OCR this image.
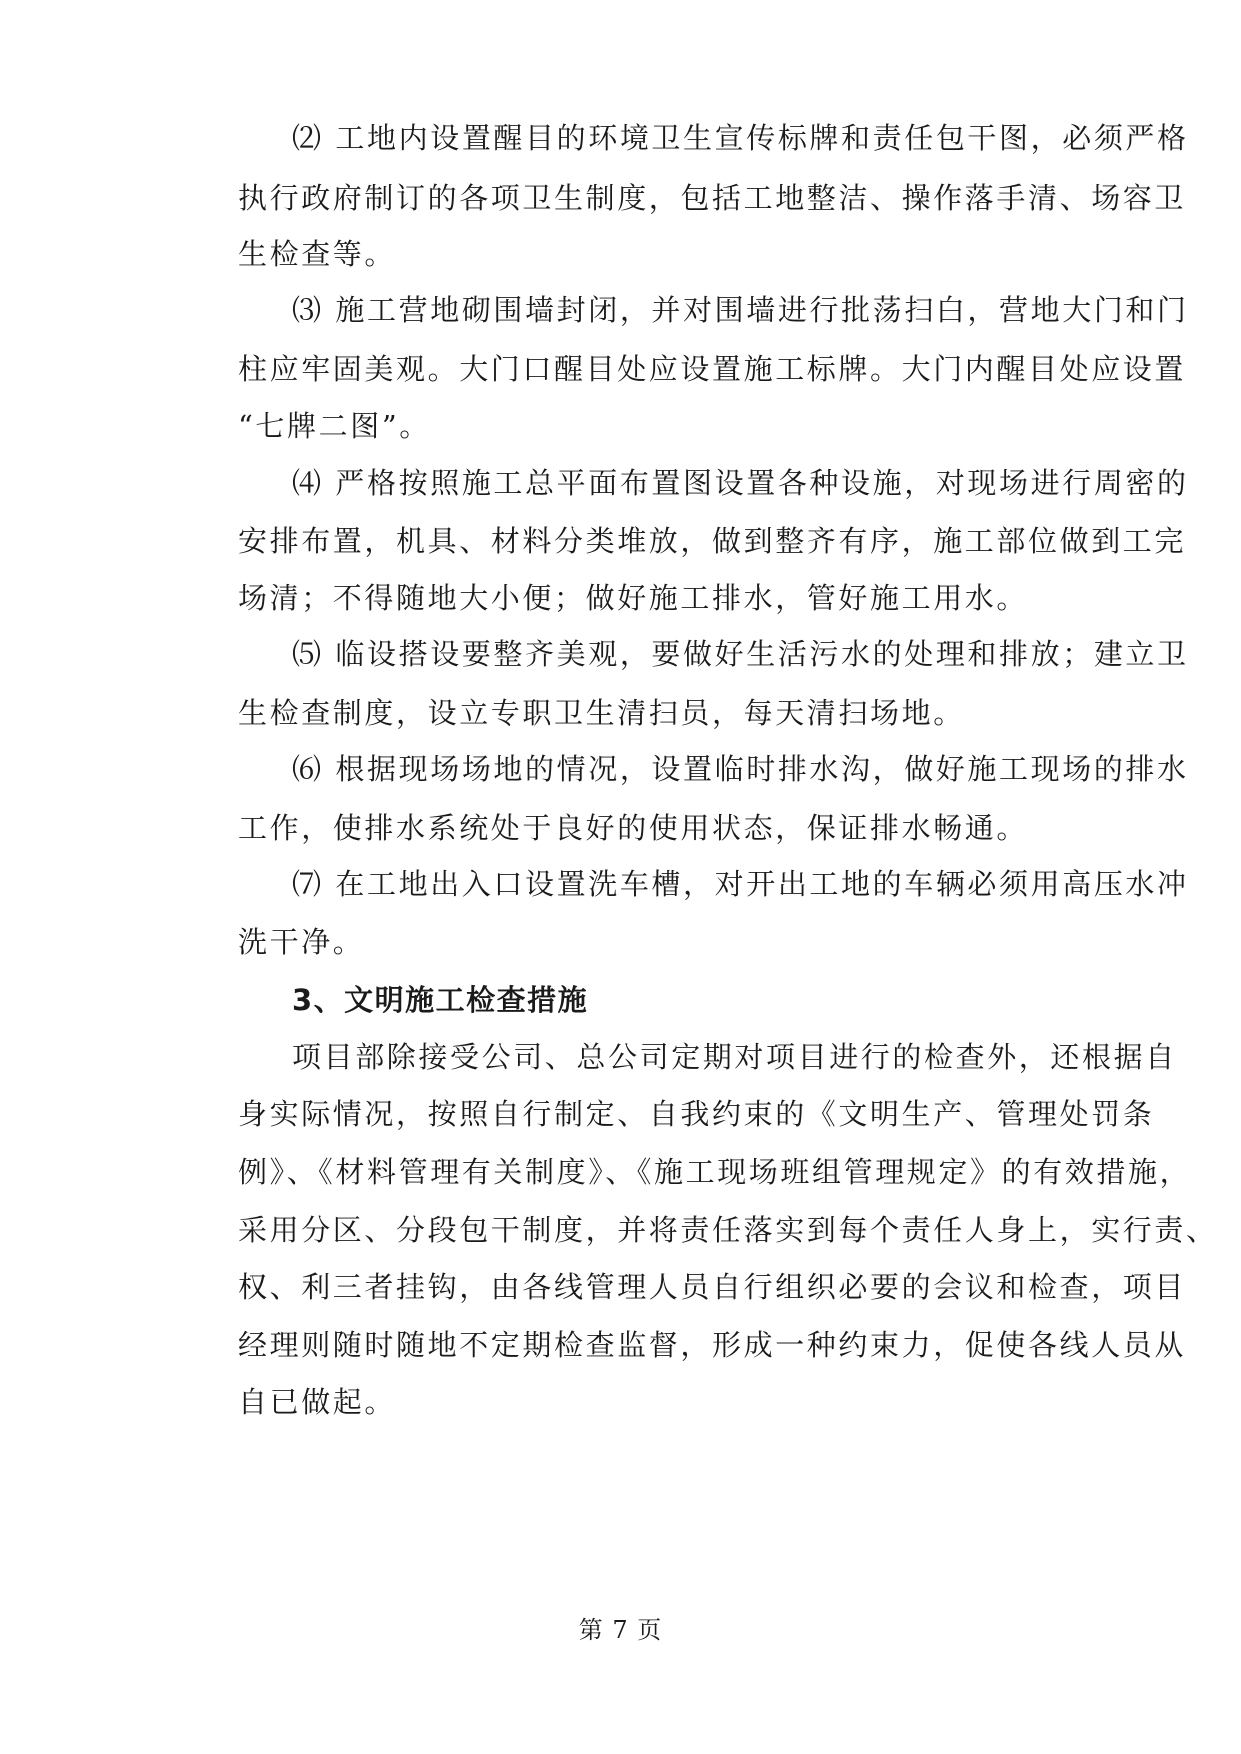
⑵ 工地内设置醒目的环境卫生宣传标牌和责任包干图，必须严格
执行政府制订的各项卫生制度，包括工地整洁、操作落手清、场容卫
生检查等。
⑶ 施工营地砌围墙封闭，并对围墙进行批荡扫白，营地大门和门
柱应牢固美观。大门口醒目处应设置施工标牌。大门内醒目处应设置
“七牌二图”。
⑷ 严格按照施工总平面布置图设置各种设施，对现场进行周密的
安排布置，机具、材料分类堆放，做到整齐有序，施工部位做到工完
场清；不得随地大小便；做好施工排水，管好施工用水。
⑸ 临设搭设要整齐美观，要做好生活污水的处理和排放；建立卫
生检查制度，设立专职卫生清扫员，每天清扫场地。
⑹ 根据现场场地的情况，设置临时排水沟，做好施工现场的排水
工作，使排水系统处于良好的使用状态，保证排水畅通。
⑺ 在工地出入口设置洗车槽，对开出工地的车辆必须用高压水冲
洗干净。
3、文明施工检查措施
项目部除接受公司、总公司定期对项目进行的检查外，还根据自
身实际情况，按照自行制定、自我约束的《文明生产、管理处罚条
例》、《材料管理有关制度》、《施工现场班组管理规定》的有效措施，
采用分区、分段包干制度，并将责任落实到每个责任人身上，实行责、
权、利三者挂钩，由各线管理人员自行组织必要的会议和检查，项目
经理则随时随地不定期检查监督，形成一种约束力，促使各线人员从
自已做起。
第 7 页
